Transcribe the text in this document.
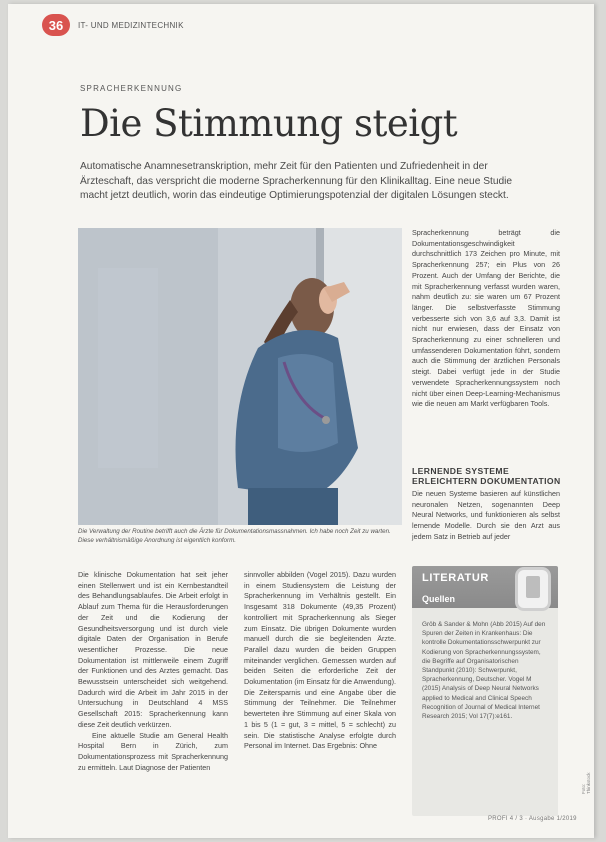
36	IT- UND MEDIZINTECHNIK
SPRACHERKENNUNG
Die Stimmung steigt

Automatische Anamnesetranskription, mehr Zeit für den Patienten und Zufriedenheit in der Ärzteschaft, das verspricht die moderne Spracherkennung für den Klinikalltag. Eine neue Studie macht jetzt deutlich, worin das eindeutige Optimierungspotenzial der digitalen Lösungen steckt.

Die Verwaltung der Routine betrifft auch die Ärzte für Dokumentationsmassnahmen. Ich habe noch Zeit zu warten. Diese verhältnismäßige Anordnung ist eigentlich konform.

Spracherkennung beträgt die Dokumentationsgeschwindigkeit durchschnittlich 173 Zeichen pro Minute, mit Spracherkennung 257; ein Plus von 26 Prozent. Auch der Umfang der Berichte, die mit Spracherkennung verfasst wurden waren, nahm deutlich zu: sie waren um 67 Prozent länger. Die selbstverfasste Stimmung verbesserte sich von 3,6 auf 3,3. Damit ist nicht nur erwiesen, dass der Einsatz von Spracherkennung zu einer schnelleren und umfassenderen Dokumentation führt, sondern auch die Stimmung der ärztlichen Personals steigt. Dabei verfügt jede in der Studie verwendete Spracherkennungssystem noch nicht über einen Deep-Learning-Mechanismus wie die neuen am Markt verfügbaren Tools.

LERNENDE SYSTEME ERLEICHTERN DOKUMENTATION

Die neuen Systeme basieren auf künstlichen neuronalen Netzen, sogenannten Deep Neural Networks, und funktionieren als selbst lernende Modelle. Durch sie den Arzt aus jedem Satz in Betrieb auf jeder

Die klinische Dokumentation hat seit jeher einen Stellenwert und ist ein Kernbestandteil des Behandlungsablaufes. Die Arbeit erfolgt in Ablauf zum Thema für die Herausforderungen der Zeit und die Kodierung der Gesundheitsversorgung und ist durch viele digitale Daten der Organisation in Berufe wesentlicher Prozesse. Die neue Dokumentation ist mittlerweile einem Zugriff der Funktionen und des Arztes gemacht. Das Bewusstsein unterscheidet sich weitgehend. Dadurch wird die Arbeit im Jahr 2015 in der Untersuchung in Deutschland 4 MSS Gesellschaft 2015: Spracherkennung kann diese Zeit deutlich verkürzen.

Eine aktuelle Studie am General Health Hospital Bern in Zürich, zum Dokumentationsprozess mit Spracherkennung zu ermitteln. Laut Diagnose der Patienten

sinnvoller abbilden (Vogel 2015). Dazu wurden in einem Studiensystem die Leistung der Spracherkennung im Verhältnis gestellt. Ein Insgesamt 318 Dokumente (49,35 Prozent) kontrolliert mit Spracherkennung als Sieger zum Einsatz. Die übrigen Dokumente wurden manuell durch die sie begleitenden Ärzte. Parallel dazu wurden die beiden Gruppen miteinander verglichen. Gemessen wurden auf beiden Seiten die erforderliche Zeit der Dokumentation (im Einsatz für die Anwendung). Die Zeitersparnis und eine Angabe über die Stimmung der Teilnehmer. Die Teilnehmer bewerteten ihre Stimmung auf einer Skala von 1 bis 5 (1 = gut, 3 = mittel, 5 = schlecht) zu sein. Die statistische Analyse erfolgte durch Personal im Internet. Das Ergebnis: Ohne

LITERATUR
Quellen
Gröb & Sander & Mohn (Abb 2015) Auf den Spuren der Zeiten in Krankenhaus: Die kontrolle Dokumentationsschwerpunkt zur Kodierung von Spracherkennungssystem, die Begriffe auf Organisatorischen Standpunkt (2010): Schwerpunkt, Spracherkennung, Deutscher. Vogel M (2015) Analysis of Deep Neural Networks applied to Medical and Clinical Speech Recognition of Journal of Medical Internet Research 2015; Vol 17(7):e161.
PROFI 4 / 3 · Ausgabe 1/2019
Foto: Thinkstock
